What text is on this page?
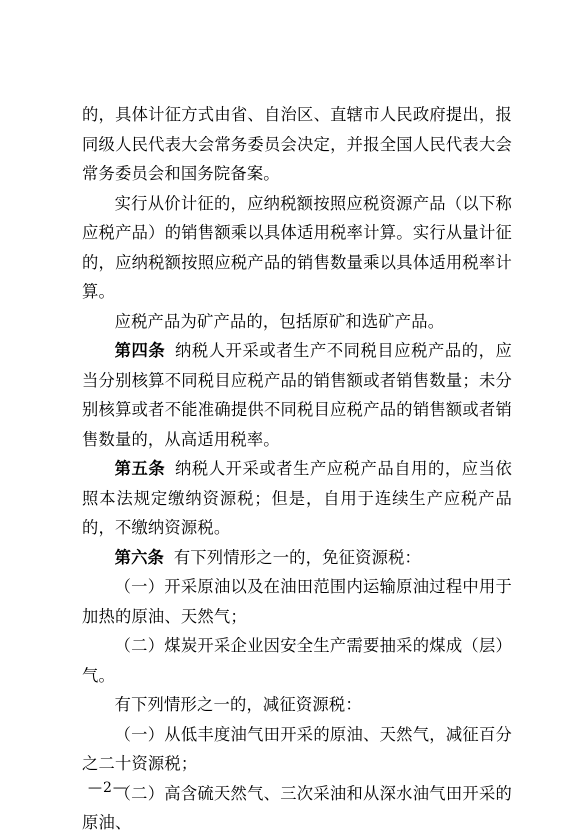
的，具体计征方式由省、自治区、直辖市人民政府提出，报同级人民代表大会常务委员会决定，并报全国人民代表大会常务委员会和国务院备案。

实行从价计征的，应纳税额按照应税资源产品（以下称应税产品）的销售额乘以具体适用税率计算。实行从量计征的，应纳税额按照应税产品的销售数量乘以具体适用税率计算。

应税产品为矿产品的，包括原矿和选矿产品。

第四条 纳税人开采或者生产不同税目应税产品的，应当分别核算不同税目应税产品的销售额或者销售数量；未分别核算或者不能准确提供不同税目应税产品的销售额或者销售数量的，从高适用税率。

第五条 纳税人开采或者生产应税产品自用的，应当依照本法规定缴纳资源税；但是，自用于连续生产应税产品的，不缴纳资源税。

第六条 有下列情形之一的，免征资源税：

（一）开采原油以及在油田范围内运输原油过程中用于加热的原油、天然气；

（二）煤炭开采企业因安全生产需要抽采的煤成（层）气。

有下列情形之一的，减征资源税：

（一）从低丰度油气田开采的原油、天然气，减征百分之二十资源税；

（二）高含硫天然气、三次采油和从深水油气田开采的原油、

—2—
